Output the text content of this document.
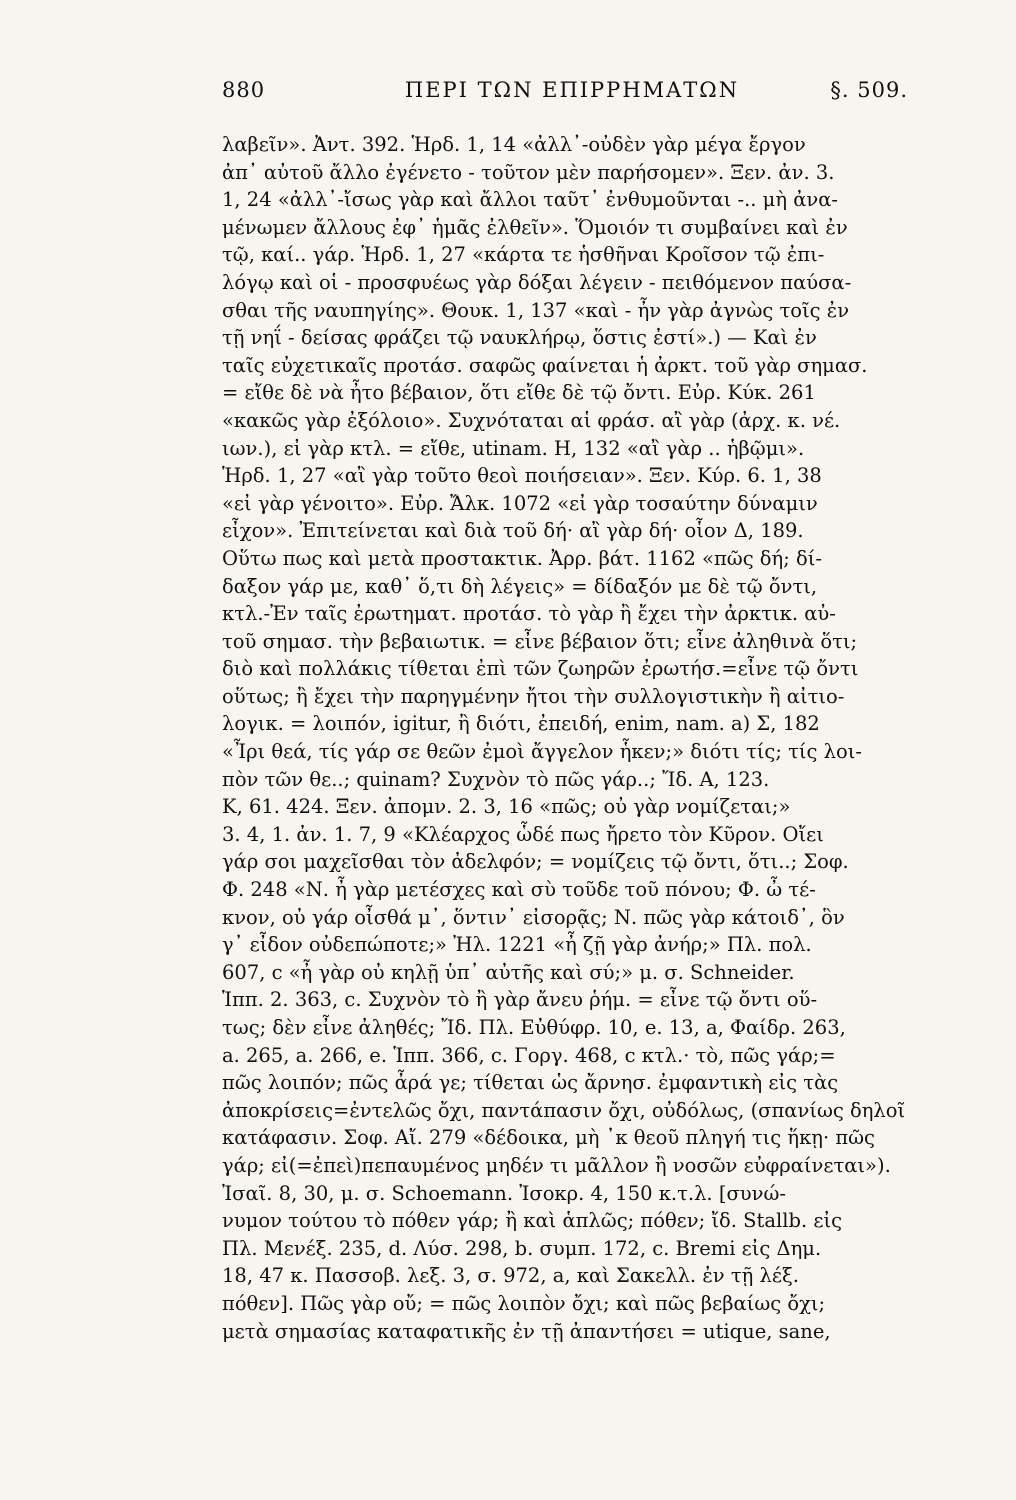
880	ΠΕΡΙ ΤΩΝ ΕΠΙΡΡΗΜΑΤΩΝ	§. 509.
λαβεῖν». Ἀντ. 392. Ἡρδ. 1, 14 «ἀλλ᾽-οὐδὲν γὰρ μέγα ἔργον
ἀπ᾽ αὐτοῦ ἄλλο ἐγένετο - τοῦτον μὲν παρήσομεν». Ξεν. ἀν. 3.
1, 24 «ἀλλ᾽-ἴσως γὰρ καὶ ἄλλοι ταῦτ᾽ ἐνθυμοῦνται -.. μὴ ἀνα-
μένωμεν ἄλλους ἐφ᾽ ἡμᾶς ἐλθεῖν». Ὅμοιόν τι συμβαίνει καὶ ἐν
τῷ, καί.. γάρ. Ἡρδ. 1, 27 «κάρτα τε ἡσθῆναι Κροῖσον τῷ ἐπι-
λόγῳ καὶ οἱ - προσφυέως γὰρ δόξαι λέγειν - πειθόμενον παύσα-
σθαι τῆς ναυπηγίης». Θουκ. 1, 137 «καὶ - ἦν γὰρ ἀγνὼς τοῖς ἐν
τῇ νηΐ - δείσας φράζει τῷ ναυκλήρῳ, ὅστις ἐστί».) — Καὶ ἐν
ταῖς εὐχετικαῖς προτάσ. σαφῶς φαίνεται ἡ ἀρκτ. τοῦ γὰρ σημασ.
= εἴθε δὲ νὰ ἦτο βέβαιον, ὅτι εἴθε δὲ τῷ ὄντι. Εὐρ. Κύκ. 261
«κακῶς γὰρ ἐξόλοιο». Συχνόταται αἱ φράσ. αἲ γὰρ (ἀρχ. κ. νέ.
ιων.), εἰ γὰρ κτλ. = εἴθε, utinam. Η, 132 «αἲ γὰρ .. ἡβῷμι».
Ἡρδ. 1, 27 «αἲ γὰρ τοῦτο θεοὶ ποιήσειαν». Ξεν. Κύρ. 6. 1, 38
«εἰ γὰρ γένοιτο». Εὐρ. Ἄλκ. 1072 «εἰ γὰρ τοσαύτην δύναμιν
εἶχον». Ἐπιτείνεται καὶ διὰ τοῦ δή· αἲ γὰρ δή· οἷον Δ, 189.
Οὕτω πως καὶ μετὰ προστακτικ. Ἀρρ. βάτ. 1162 «πῶς δή; δί-
δαξον γάρ με, καθ᾽ ὅ,τι δὴ λέγεις» = δίδαξόν με δὲ τῷ ὄντι,
κτλ.-Ἐν ταῖς ἐρωτηματ. προτάσ. τὸ γὰρ ἢ ἔχει τὴν ἀρκτικ. αὐ-
τοῦ σημασ. τὴν βεβαιωτικ. = εἶνε βέβαιον ὅτι; εἶνε ἀληθινὰ ὅτι;
διὸ καὶ πολλάκις τίθεται ἐπὶ τῶν ζωηρῶν ἐρωτήσ.=εἶνε τῷ ὄντι
οὕτως; ἢ ἔχει τὴν παρηγμένην ἤτοι τὴν συλλογιστικὴν ἢ αἰτιο-
λογικ. = λοιπόν, igitur, ἢ διότι, ἐπειδή, enim, nam. a) Σ, 182
«Ἶρι θεά, τίς γάρ σε θεῶν ἐμοὶ ἄγγελον ἧκεν;» διότι τίς; τίς λοι-
πὸν τῶν θε..; quinam? Συχνὸν τὸ πῶς γάρ..; Ἴδ. Α, 123.
Κ, 61. 424. Ξεν. ἀπομν. 2. 3, 16 «πῶς; οὐ γὰρ νομίζεται;»
3. 4, 1. ἀν. 1. 7, 9 «Κλέαρχος ὧδέ πως ἤρετο τὸν Κῦρον. Οἴει
γάρ σοι μαχεῖσθαι τὸν ἀδελφόν; = νομίζεις τῷ ὄντι, ὅτι..; Σοφ.
Φ. 248 «Ν. ἦ γὰρ μετέσχες καὶ σὺ τοῦδε τοῦ πόνου; Φ. ὦ τέ-
κνον, οὐ γάρ οἶσθά μ᾽, ὅντιν᾽ εἰσορᾷς; Ν. πῶς γὰρ κάτοιδ᾽, ὃν
γ᾽ εἶδον οὐδεπώποτε;» Ἠλ. 1221 «ἦ ζῇ γὰρ ἀνήρ;» Πλ. πολ.
607, c «ἦ γὰρ οὐ κηλῇ ὑπ᾽ αὐτῆς καὶ σύ;» μ. σ. Schneider.
Ἱππ. 2. 363, c. Συχνὸν τὸ ἢ γὰρ ἄνευ ῥήμ. = εἶνε τῷ ὄντι οὕ-
τως; δὲν εἶνε ἀληθές; Ἴδ. Πλ. Εὐθύφρ. 10, e. 13, a, Φαίδρ. 263,
a. 265, a. 266, e. Ἱππ. 366, c. Γοργ. 468, c κτλ.· τὸ, πῶς γάρ;=
πῶς λοιπόν; πῶς ἆρά γε; τίθεται ὡς ἄρνησ. ἐμφαντικὴ εἰς τὰς
ἀποκρίσεις=ἐντελῶς ὄχι, παντάπασιν ὄχι, οὐδόλως, (σπανίως δηλοῖ
κατάφασιν. Σοφ. Αἴ. 279 «δέδοικα, μὴ ᾽κ θεοῦ πληγή τις ἥκῃ· πῶς
γάρ; εἰ(=ἐπεὶ)πεπαυμένος μηδέν τι μᾶλλον ἢ νοσῶν εὐφραίνεται»).
Ἰσαῖ. 8, 30, μ. σ. Schoemann. Ἰσοκρ. 4, 150 κ.τ.λ. [συνώ-
νυμον τούτου τὸ πόθεν γάρ; ἢ καὶ ἁπλῶς; πόθεν; ἴδ. Stallb. εἰς
Πλ. Μενέξ. 235, d. Λύσ. 298, b. συμπ. 172, c. Bremi εἰς Δημ.
18, 47 κ. Πασσοβ. λεξ. 3, σ. 972, a, καὶ Σακελλ. ἐν τῇ λέξ.
πόθεν]. Πῶς γὰρ οὔ; = πῶς λοιπὸν ὄχι; καὶ πῶς βεβαίως ὄχι;
μετὰ σημασίας καταφατικῆς ἐν τῇ ἀπαντήσει = utique, sane,
